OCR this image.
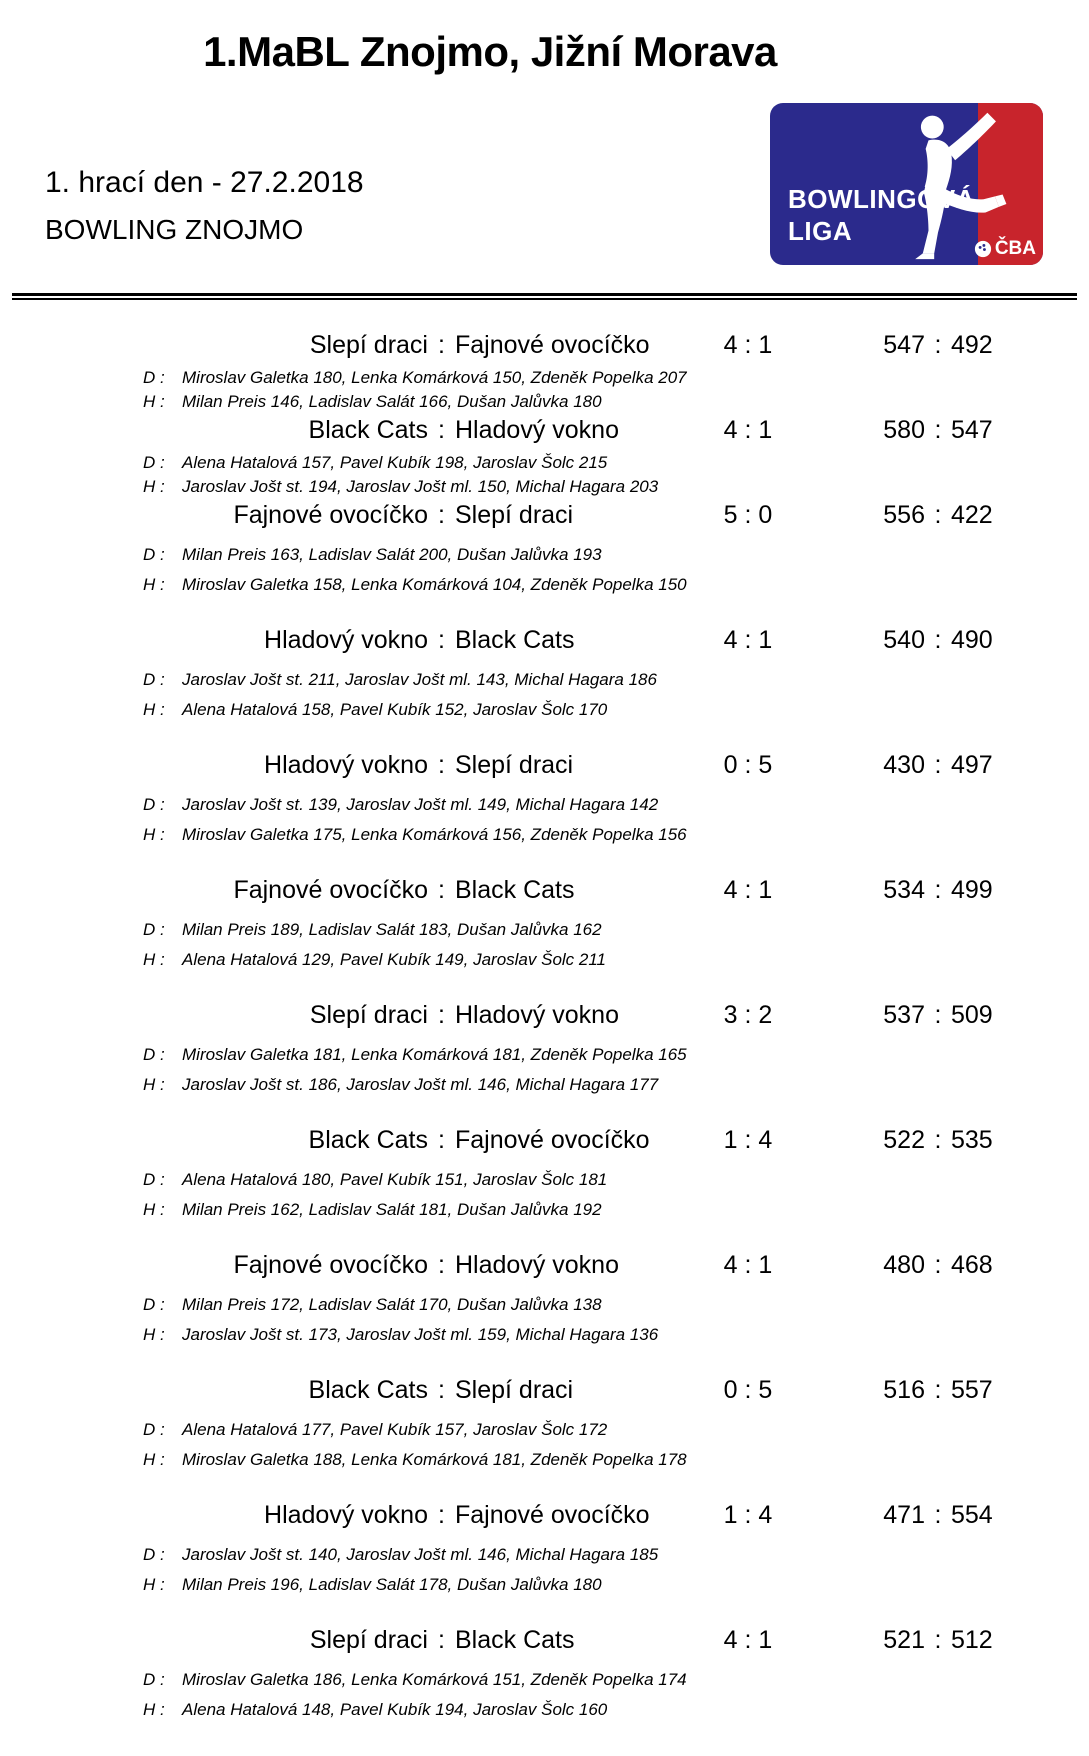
1.MaBL Znojmo, Jižní Morava
1. hrací den - 27.2.2018
BOWLING ZNOJMO
BOWLINGOVÁ
LIGA
ČBA
Slepí draci : Fajnové ovocíčko	4 : 1	547 : 492
D :	Miroslav Galetka 180, Lenka Komárková 150, Zdeněk Popelka 207
H :	Milan Preis 146, Ladislav Salát 166, Dušan Jalůvka 180
Black Cats : Hladový vokno	4 : 1	580 : 547
D :	Alena Hatalová 157, Pavel Kubík 198, Jaroslav Šolc 215
H :	Jaroslav Jošt st. 194, Jaroslav Jošt ml. 150, Michal Hagara 203
Fajnové ovocíčko : Slepí draci	5 : 0	556 : 422
D :	Milan Preis 163, Ladislav Salát 200, Dušan Jalůvka 193
H :	Miroslav Galetka 158, Lenka Komárková 104, Zdeněk Popelka 150
Hladový vokno : Black Cats	4 : 1	540 : 490
D :	Jaroslav Jošt st. 211, Jaroslav Jošt ml. 143, Michal Hagara 186
H :	Alena Hatalová 158, Pavel Kubík 152, Jaroslav Šolc 170
Hladový vokno : Slepí draci	0 : 5	430 : 497
D :	Jaroslav Jošt st. 139, Jaroslav Jošt ml. 149, Michal Hagara 142
H :	Miroslav Galetka 175, Lenka Komárková 156, Zdeněk Popelka 156
Fajnové ovocíčko : Black Cats	4 : 1	534 : 499
D :	Milan Preis 189, Ladislav Salát 183, Dušan Jalůvka 162
H :	Alena Hatalová 129, Pavel Kubík 149, Jaroslav Šolc 211
Slepí draci : Hladový vokno	3 : 2	537 : 509
D :	Miroslav Galetka 181, Lenka Komárková 181, Zdeněk Popelka 165
H :	Jaroslav Jošt st. 186, Jaroslav Jošt ml. 146, Michal Hagara 177
Black Cats : Fajnové ovocíčko	1 : 4	522 : 535
D :	Alena Hatalová 180, Pavel Kubík 151, Jaroslav Šolc 181
H :	Milan Preis 162, Ladislav Salát 181, Dušan Jalůvka 192
Fajnové ovocíčko : Hladový vokno	4 : 1	480 : 468
D :	Milan Preis 172, Ladislav Salát 170, Dušan Jalůvka 138
H :	Jaroslav Jošt st. 173, Jaroslav Jošt ml. 159, Michal Hagara 136
Black Cats : Slepí draci	0 : 5	516 : 557
D :	Alena Hatalová 177, Pavel Kubík 157, Jaroslav Šolc 172
H :	Miroslav Galetka 188, Lenka Komárková 181, Zdeněk Popelka 178
Hladový vokno : Fajnové ovocíčko	1 : 4	471 : 554
D :	Jaroslav Jošt st. 140, Jaroslav Jošt ml. 146, Michal Hagara 185
H :	Milan Preis 196, Ladislav Salát 178, Dušan Jalůvka 180
Slepí draci : Black Cats	4 : 1	521 : 512
D :	Miroslav Galetka 186, Lenka Komárková 151, Zdeněk Popelka 174
H :	Alena Hatalová 148, Pavel Kubík 194, Jaroslav Šolc 160
